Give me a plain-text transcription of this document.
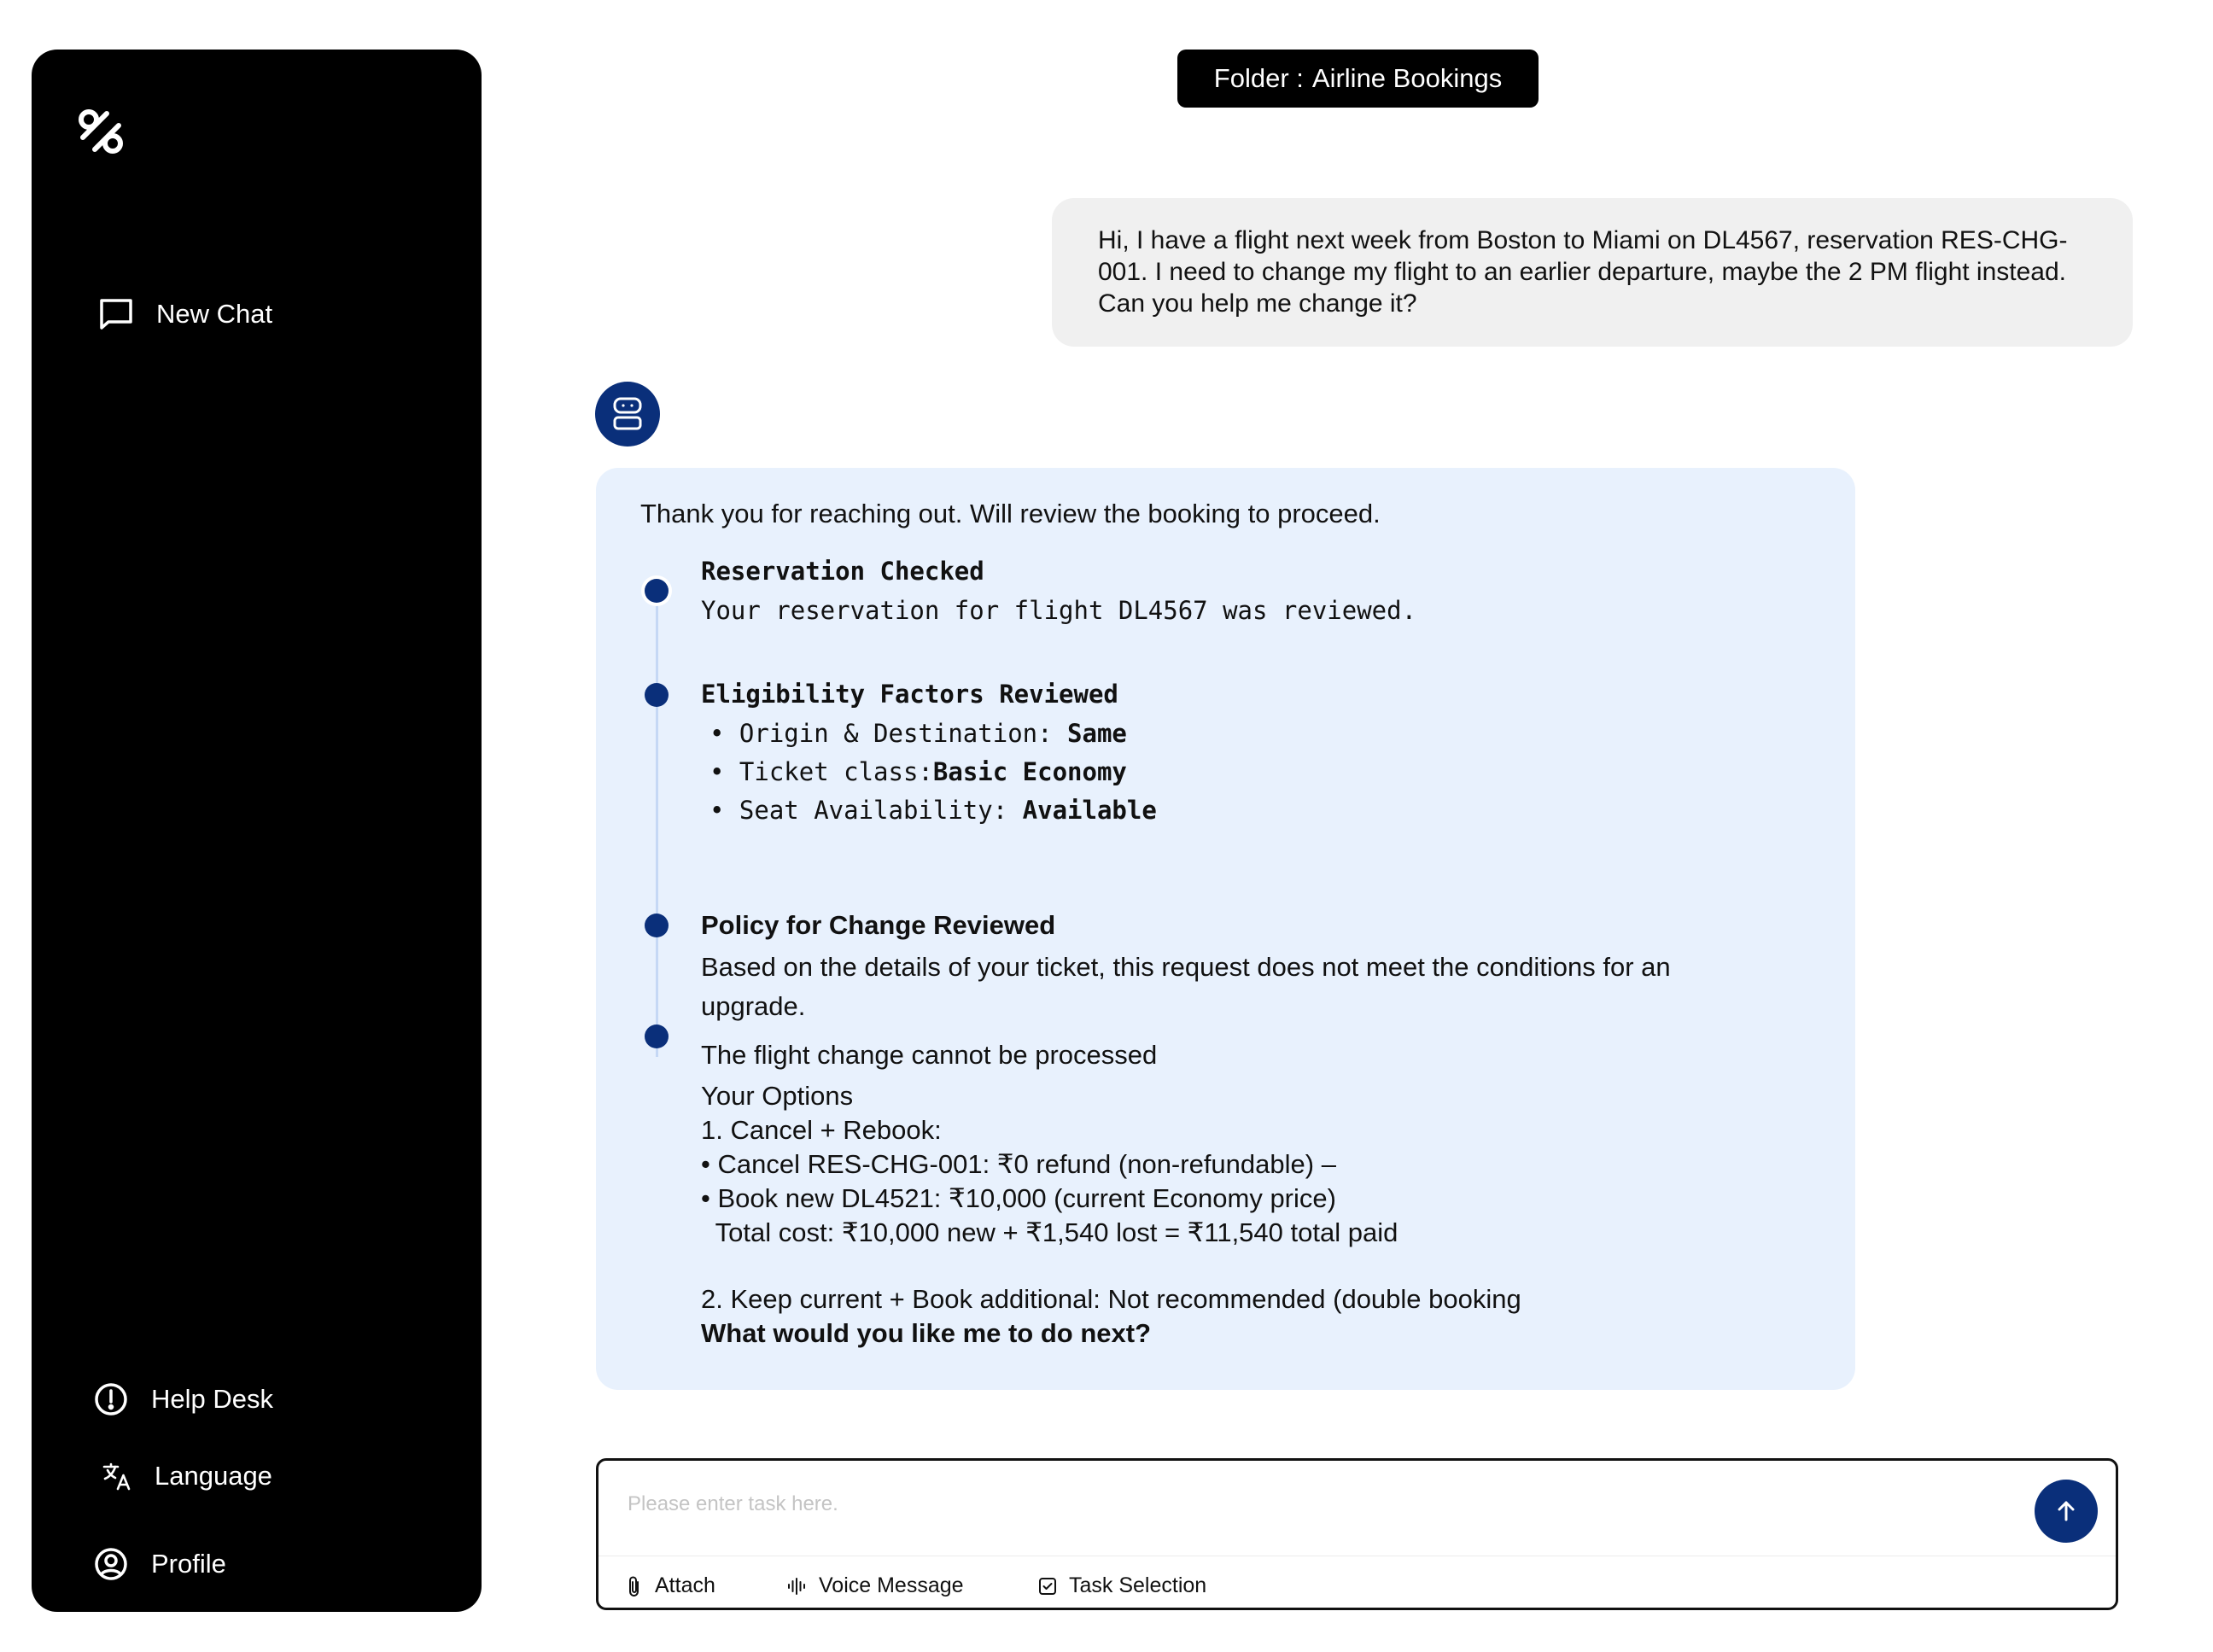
New Chat
Help Desk
Language
Profile
Folder : Airline Bookings
Hi, I have a flight next week from Boston to Miami on DL4567, reservation RES-CHG-001. I need to change my flight to an earlier departure, maybe the 2 PM flight instead. Can you help me change it?
Thank you for reaching out. Will review the booking to proceed.
Reservation Checked
Your reservation for flight DL4567 was reviewed.
Eligibility Factors Reviewed
• Origin & Destination: Same
• Ticket class:Basic Economy
• Seat Availability: Available
Policy for Change Reviewed
Based on the details of your ticket, this request does not meet the conditions for an upgrade.
The flight change cannot be processed
Your Options
1. Cancel + Rebook:
• Cancel RES-CHG-001: ₹0 refund (non-refundable) –
• Book new DL4521: ₹10,000 (current Economy price)
Total cost: ₹10,000 new + ₹1,540 lost = ₹11,540 total paid
2. Keep current + Book additional: Not recommended (double booking
What would you like me to do next?
Please enter task here.
Attach	Voice Message	Task Selection
